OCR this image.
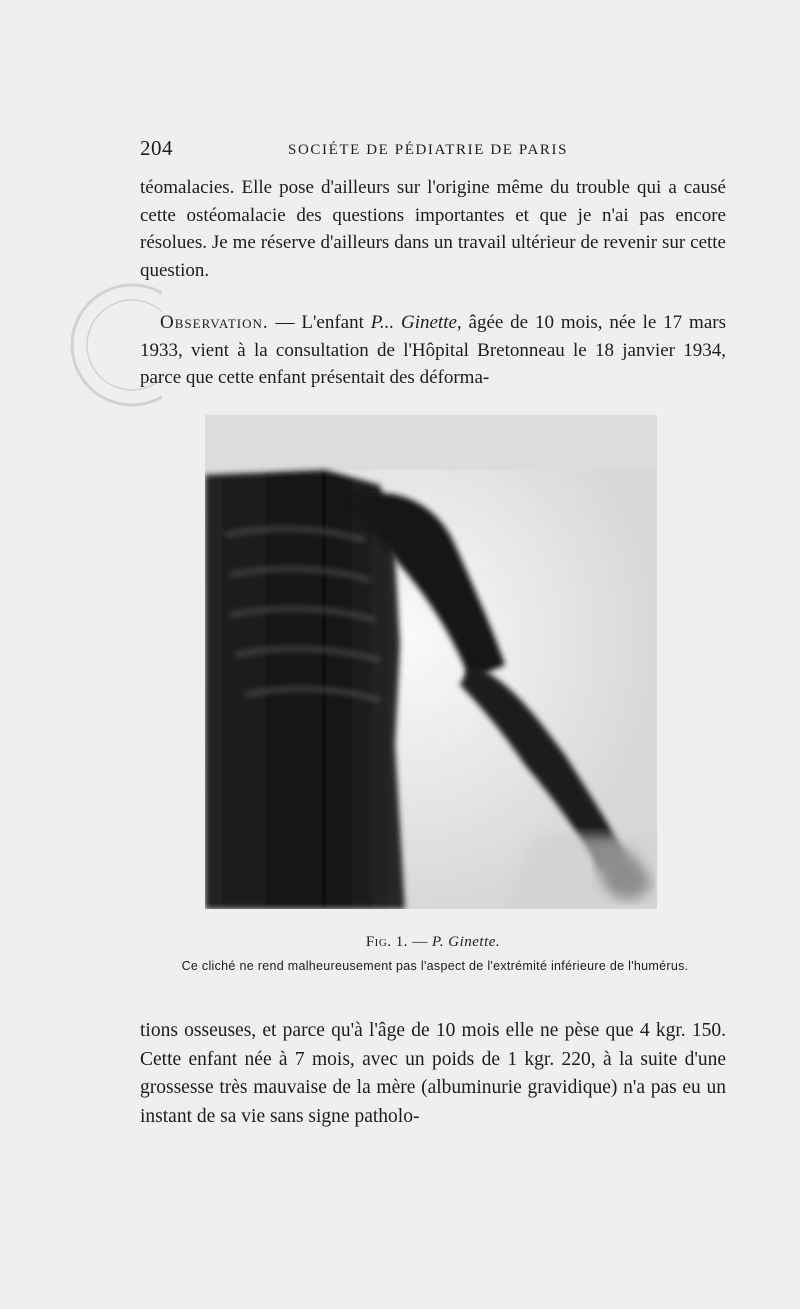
204	SOCIÉTE DE PÉDIATRIE DE PARIS

téomalacies. Elle pose d'ailleurs sur l'origine même du trouble qui a causé cette ostéomalacie des questions importantes et que je n'ai pas encore résolues. Je me réserve d'ailleurs dans un travail ultérieur de revenir sur cette question.

Observation. — L'enfant P... Ginette, âgée de 10 mois, née le 17 mars 1933, vient à la consultation de l'Hôpital Bretonneau le 18 janvier 1934, parce que cette enfant présentait des déforma-

Fig. 1. — P. Ginette.
Ce cliché ne rend malheureusement pas l'aspect de l'extrémité inférieure de l'humérus.

tions osseuses, et parce qu'à l'âge de 10 mois elle ne pèse que 4 kgr. 150. Cette enfant née à 7 mois, avec un poids de 1 kgr. 220, à la suite d'une grossesse très mauvaise de la mère (albuminurie gravidique) n'a pas eu un instant de sa vie sans signe patholo-
